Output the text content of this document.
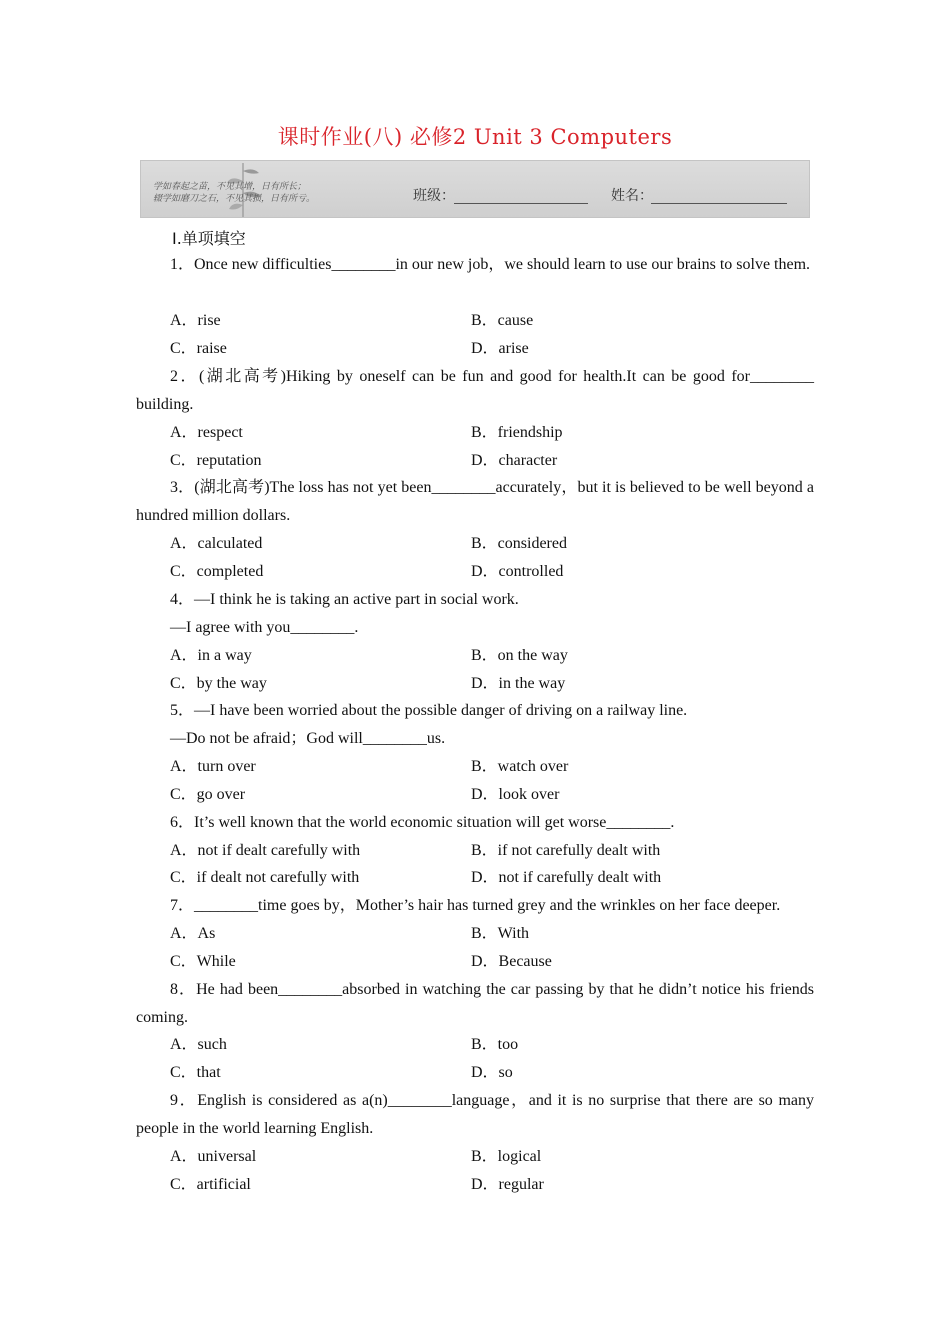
课时作业(八) 必修2 Unit 3 Computers
学如春起之苗，不见其增，日有所长；
辍学如磨刀之石，不见其损，日有所亏。	班级：	姓名：
Ⅰ.单项填空
1．Once new difficulties________in our new job，we should learn to use our brains to solve them.
A．rise	B．cause
C．raise	D．arise
2．(湖北高考)Hiking by oneself can be fun and good for health.It can be good for________ building.
A．respect	B．friendship
C．reputation	D．character
3．(湖北高考)The loss has not yet been________accurately，but it is believed to be well beyond a hundred million dollars.
A．calculated	B．considered
C．completed	D．controlled
4．—I think he is taking an active part in social work.
—I agree with you________.
A．in a way	B．on the way
C．by the way	D．in the way
5．—I have been worried about the possible danger of driving on a railway line.
—Do not be afraid；God will________us.
A．turn over	B．watch over
C．go over	D．look over
6．It’s well known that the world economic situation will get worse________.
A．not if dealt carefully with	B．if not carefully dealt with
C．if dealt not carefully with	D．not if carefully dealt with
7．________time goes by，Mother’s hair has turned grey and the wrinkles on her face deeper.
A．As	B．With
C．While	D．Because
8．He had been________absorbed in watching the car passing by that he didn’t notice his friends coming.
A．such	B．too
C．that	D．so
9．English is considered as a(n)________language，and it is no surprise that there are so many people in the world learning English.
A．universal	B．logical
C．artificial	D．regular
